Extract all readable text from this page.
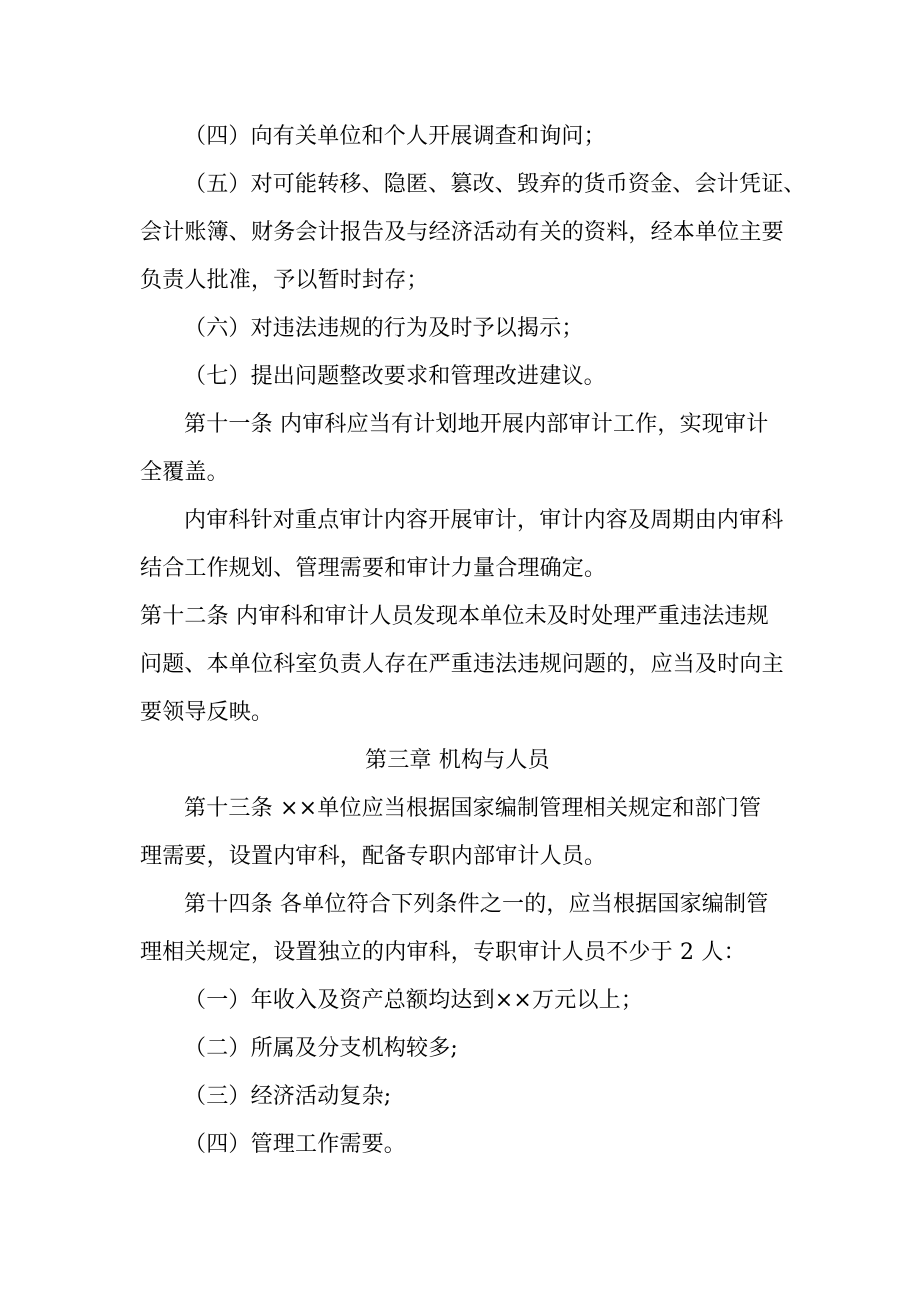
（四）向有关单位和个人开展调查和询问；
（五）对可能转移、隐匿、篡改、毁弃的货币资金、会计凭证、
会计账簿、财务会计报告及与经济活动有关的资料，经本单位主要
负责人批准，予以暂时封存；
（六）对违法违规的行为及时予以揭示；
（七）提出问题整改要求和管理改进建议。
第十一条 内审科应当有计划地开展内部审计工作，实现审计
全覆盖。
内审科针对重点审计内容开展审计，审计内容及周期由内审科
结合工作规划、管理需要和审计力量合理确定。
第十二条 内审科和审计人员发现本单位未及时处理严重违法违规
问题、本单位科室负责人存在严重违法违规问题的，应当及时向主
要领导反映。
第三章 机构与人员
第十三条 ××单位应当根据国家编制管理相关规定和部门管
理需要，设置内审科，配备专职内部审计人员。
第十四条 各单位符合下列条件之一的，应当根据国家编制管
理相关规定，设置独立的内审科，专职审计人员不少于 2 人：
（一）年收入及资产总额均达到××万元以上；
（二）所属及分支机构较多;
（三）经济活动复杂;
（四）管理工作需要。
